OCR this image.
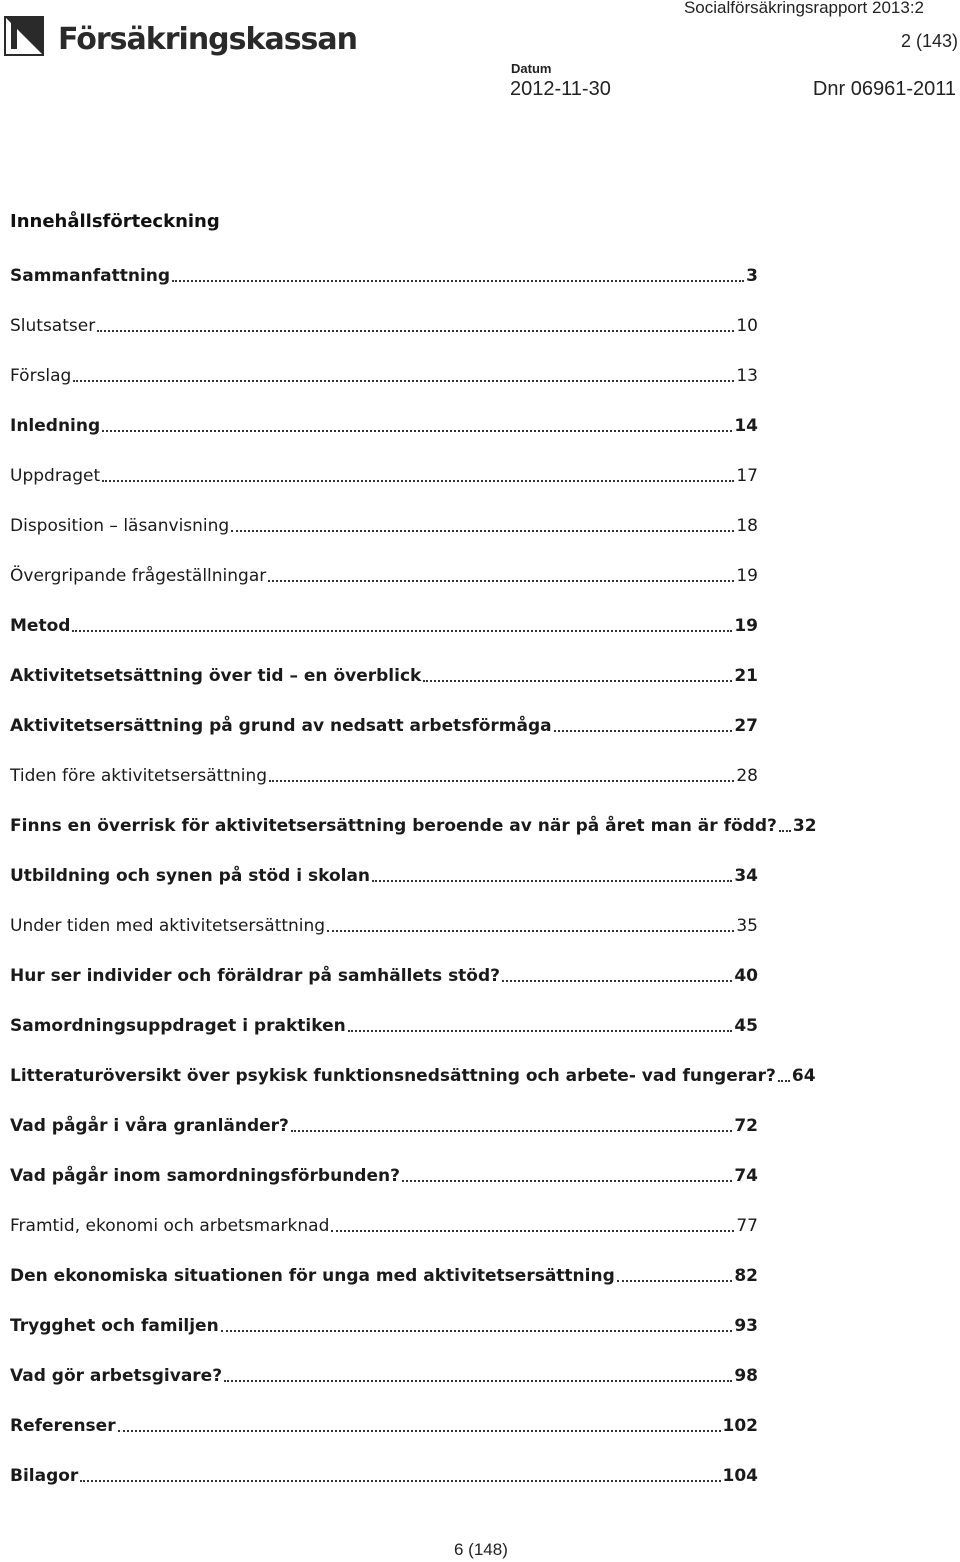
Försäkringskassan
Socialförsäkringsrapport 2013:2
2 (143)
Datum
2012-11-30	Dnr 06961-2011
Innehållsförteckning
Sammanfattning	3
Slutsatser	10
Förslag	13
Inledning	14
Uppdraget	17
Disposition – läsanvisning	18
Övergripande frågeställningar	19
Metod	19
Aktivitetsetsättning över tid – en överblick	21
Aktivitetsersättning på grund av nedsatt arbetsförmåga	27
Tiden före aktivitetsersättning	28
Finns en överrisk för aktivitetsersättning beroende av när på året man är född? 32
Utbildning och synen på stöd i skolan	34
Under tiden med aktivitetsersättning	35
Hur ser individer och föräldrar på samhällets stöd?	40
Samordningsuppdraget i praktiken	45
Litteraturöversikt över psykisk funktionsnedsättning och arbete- vad fungerar? 64
Vad pågår i våra granländer?	72
Vad pågår inom samordningsförbunden?	74
Framtid, ekonomi och arbetsmarknad	77
Den ekonomiska situationen för unga med aktivitetsersättning	82
Trygghet och familjen	93
Vad gör arbetsgivare?	98
Referenser	102
Bilagor	104
6 (148)
